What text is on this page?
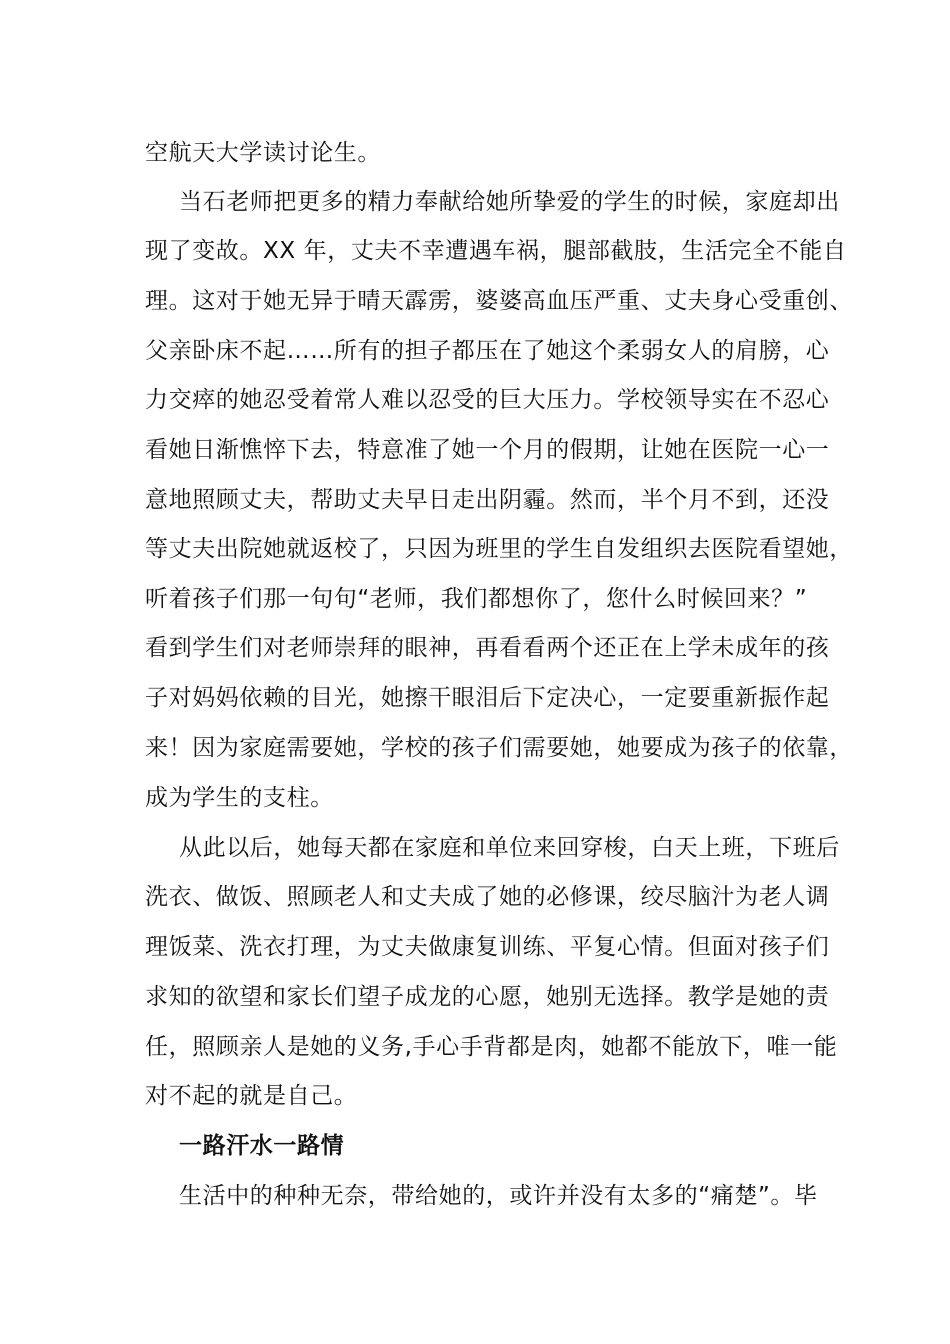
空航天大学读讨论生。
当石老师把更多的精力奉献给她所挚爱的学生的时候，家庭却出
现了变故。XX 年，丈夫不幸遭遇车祸，腿部截肢，生活完全不能自
理。这对于她无异于晴天霹雳，婆婆高血压严重、丈夫身心受重创、
父亲卧床不起……所有的担子都压在了她这个柔弱女人的肩膀，心
力交瘁的她忍受着常人难以忍受的巨大压力。学校领导实在不忍心
看她日渐憔悴下去，特意准了她一个月的假期，让她在医院一心一
意地照顾丈夫，帮助丈夫早日走出阴霾。然而，半个月不到，还没
等丈夫出院她就返校了，只因为班里的学生自发组织去医院看望她，
听着孩子们那一句句“老师，我们都想你了，您什么时候回来？”
看到学生们对老师崇拜的眼神，再看看两个还正在上学未成年的孩
子对妈妈依赖的目光，她擦干眼泪后下定决心，一定要重新振作起
来！因为家庭需要她，学校的孩子们需要她，她要成为孩子的依靠，
成为学生的支柱。
从此以后，她每天都在家庭和单位来回穿梭，白天上班，下班后
洗衣、做饭、照顾老人和丈夫成了她的必修课，绞尽脑汁为老人调
理饭菜、洗衣打理，为丈夫做康复训练、平复心情。但面对孩子们
求知的欲望和家长们望子成龙的心愿，她别无选择。教学是她的责
任，照顾亲人是她的义务,手心手背都是肉，她都不能放下，唯一能
对不起的就是自己。
一路汗水一路情
生活中的种种无奈，带给她的，或许并没有太多的“痛楚”。毕
